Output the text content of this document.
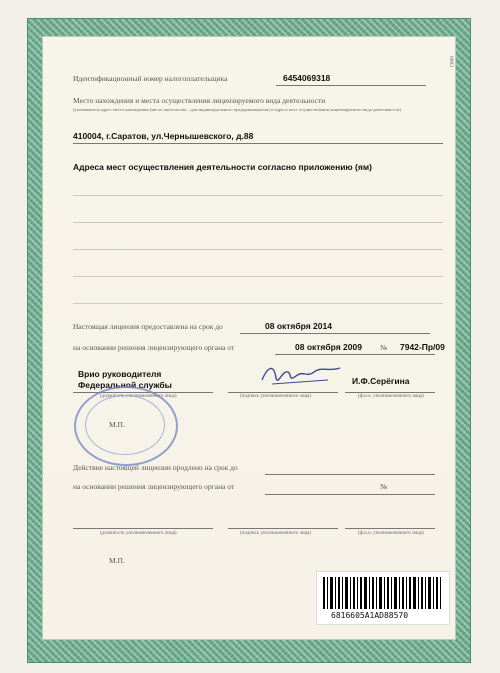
0003
Идентификационный номер налогоплательщика	6454069318
Место нахождения и места осуществления лицензируемого вида деятельности
(указываются адрес места нахождения (место жительства – для индивидуального предпринимателя) и адреса мест осуществления лицензируемого вида деятельности)
410004, г.Саратов, ул.Чернышевского, д.88
Адреса мест осуществления деятельности согласно приложению (ям)
Настоящая лицензия предоставлена на срок до	08 октября 2014
на основании решения лицензирующего органа от	08 октября 2009 № 7942-Пр/09
Врио руководителя
Федеральной службы	И.Ф.Серёгина
(должность уполномоченного лица)	(подпись уполномоченного лица)	(ф.и.о. уполномоченного лица)
М.П.
Действие настоящей лицензии продлено на срок до
на основании решения лицензирующего органа от	№
(должность уполномоченного лица)	(подпись уполномоченного лица)	(ф.и.о. уполномоченного лица)
М.П.
6816605A1AD88570
